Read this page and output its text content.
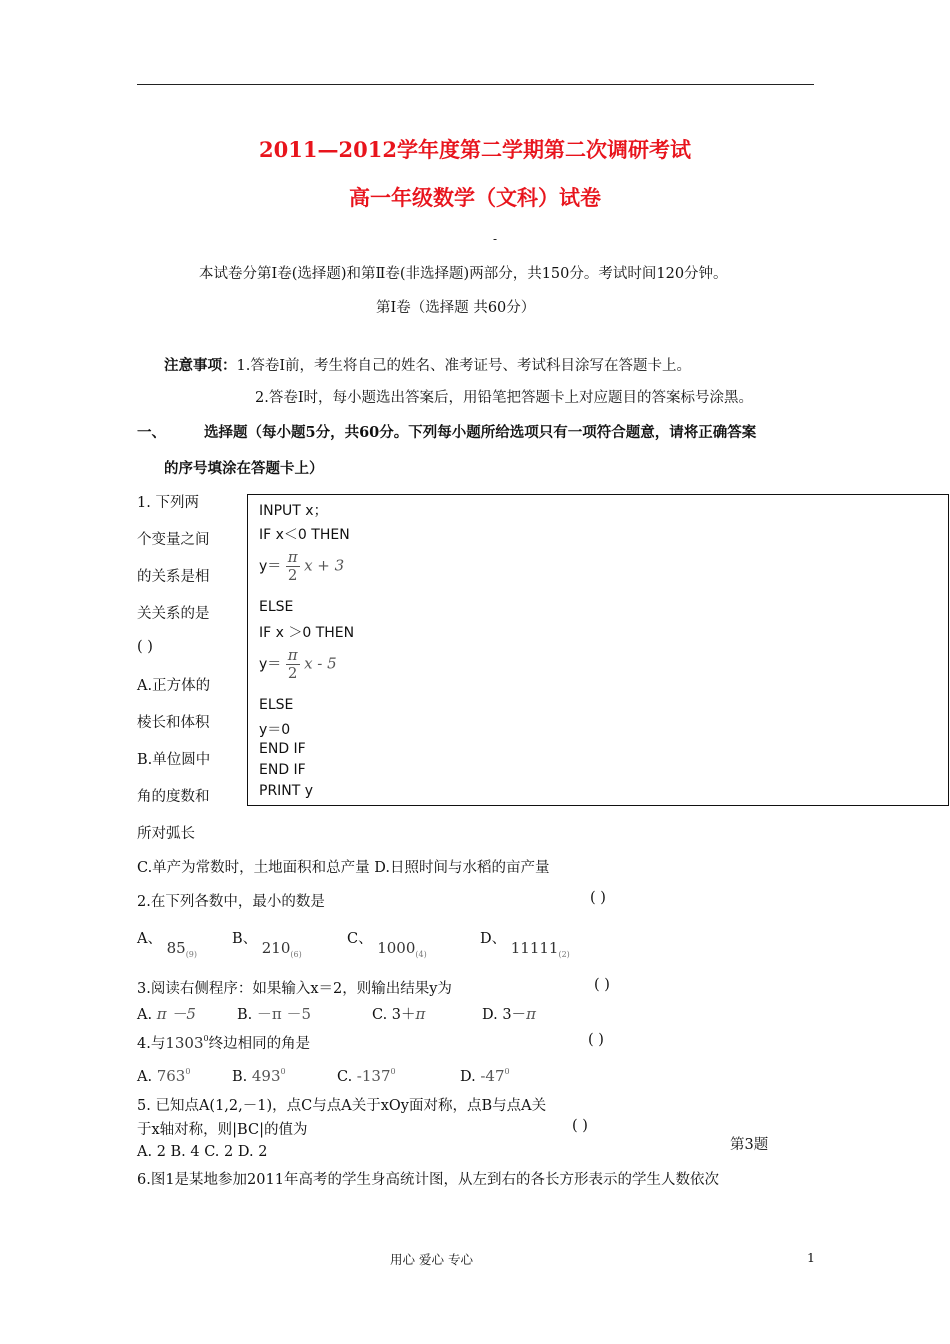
2011—2012学年度第二学期第二次调研考试
高一年级数学（文科）试卷
-
本试卷分第Ⅰ卷(选择题)和第Ⅱ卷(非选择题)两部分，共150分。考试时间120分钟。
第Ⅰ卷（选择题 共60分）
注意事项：1.答卷Ⅰ前，考生将自己的姓名、准考证号、考试科目涂写在答题卡上。
2.答卷Ⅰ时，每小题选出答案后，用铅笔把答题卡上对应题目的答案标号涂黑。
一、	选择题（每小题5分，共60分。下列每小题所给选项只有一项符合题意，请将正确答案
的序号填涂在答题卡上）
1. 下列两
个变量之间
的关系是相
关关系的是
( )
A.正方体的
棱长和体积
B.单位圆中
角的度数和
所对弧长
INPUT x；
IF x＜0 THEN
$y= \frac{\pi}{2}$ x + 3
ELSE
IF x ＞0 THEN
$y= \frac{\pi}{2}$ x - 5
ELSE
y＝0
END IF
END IF
PRINT y
C.单产为常数时，土地面积和总产量 D.日照时间与水稻的亩产量
2.在下列各数中，最小的数是	( )
A、 $85_{(9)}$
B、 $210_{(6)}$
C、 $1000_{(4)}$
D、 $11111_{(2)}$
3.阅读右侧程序：如果输入x＝2，则输出结果y为	( )
A. π －5	B. －π －5	C. 3＋π	D. 3－π
4.与1303$^0$终边相同的角是	( )
A. $763^0$	B. $493^0$	C. $-137^0$	D. $-47^0$
5. 已知点A(1,2,－1)，点C与点A关于xOy面对称，点B与点A关
于x轴对称，则|BC|的值为	( )
A. 2 B. 4 C. 2 D. 2	第3题
6.图1是某地参加2011年高考的学生身高统计图，从左到右的各长方形表示的学生人数依次
用心 爱心 专心	1
